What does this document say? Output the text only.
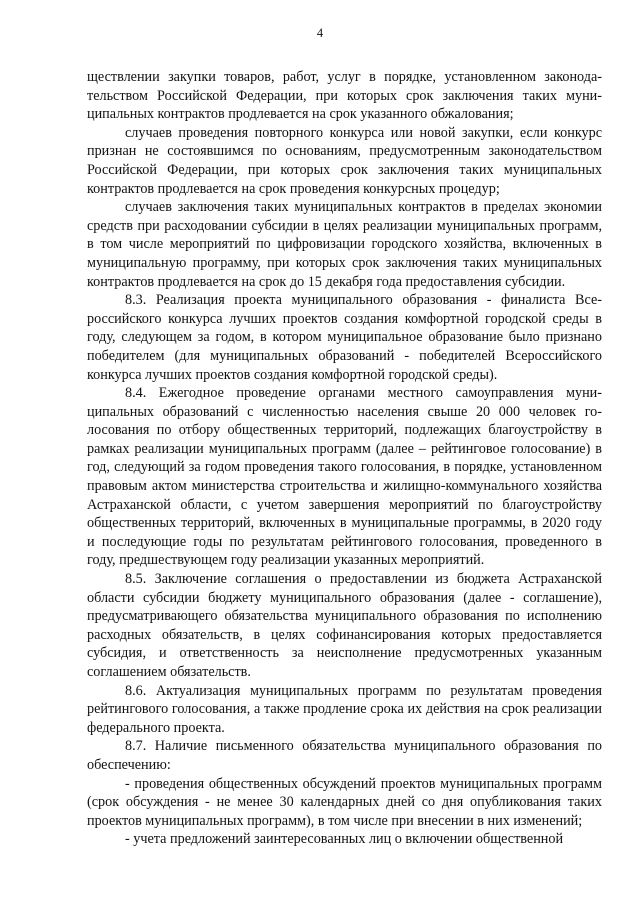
4

ществлении закупки товаров, работ, услуг в порядке, установленном законодательством Российской Федерации, при которых срок заключения таких муниципальных контрактов продлевается на срок указанного обжалования;

случаев проведения повторного конкурса или новой закупки, если конкурс признан не состоявшимся по основаниям, предусмотренным законодательством Российской Федерации, при которых срок заключения таких муниципальных контрактов продлевается на срок проведения конкурсных процедур;

случаев заключения таких муниципальных контрактов в пределах экономии средств при расходовании субсидии в целях реализации муниципальных программ, в том числе мероприятий по цифровизации городского хозяйства, включенных в муниципальную программу, при которых срок заключения таких муниципальных контрактов продлевается на срок до 15 декабря года предоставления субсидии.

8.3. Реализация проекта муниципального образования - финалиста Всероссийского конкурса лучших проектов создания комфортной городской среды в году, следующем за годом, в котором муниципальное образование было признано победителем (для муниципальных образований - победителей Всероссийского конкурса лучших проектов создания комфортной городской среды).

8.4. Ежегодное проведение органами местного самоуправления муниципальных образований с численностью населения свыше 20 000 человек голосования по отбору общественных территорий, подлежащих благоустройству в рамках реализации муниципальных программ (далее – рейтинговое голосование) в год, следующий за годом проведения такого голосования, в порядке, установленном правовым актом министерства строительства и жилищно-коммунального хозяйства Астраханской области, с учетом завершения мероприятий по благоустройству общественных территорий, включенных в муниципальные программы, в 2020 году и последующие годы по результатам рейтингового голосования, проведенного в году, предшествующем году реализации указанных мероприятий.

8.5. Заключение соглашения о предоставлении из бюджета Астраханской области субсидии бюджету муниципального образования (далее - соглашение), предусматривающего обязательства муниципального образования по исполнению расходных обязательств, в целях софинансирования которых предоставляется субсидия, и ответственность за неисполнение предусмотренных указанным соглашением обязательств.

8.6. Актуализация муниципальных программ по результатам проведения рейтингового голосования, а также продление срока их действия на срок реализации федерального проекта.

8.7. Наличие письменного обязательства муниципального образования по обеспечению:

- проведения общественных обсуждений проектов муниципальных программ (срок обсуждения - не менее 30 календарных дней со дня опубликования таких проектов муниципальных программ), в том числе при внесении в них изменений;

- учета предложений заинтересованных лиц о включении общественной
